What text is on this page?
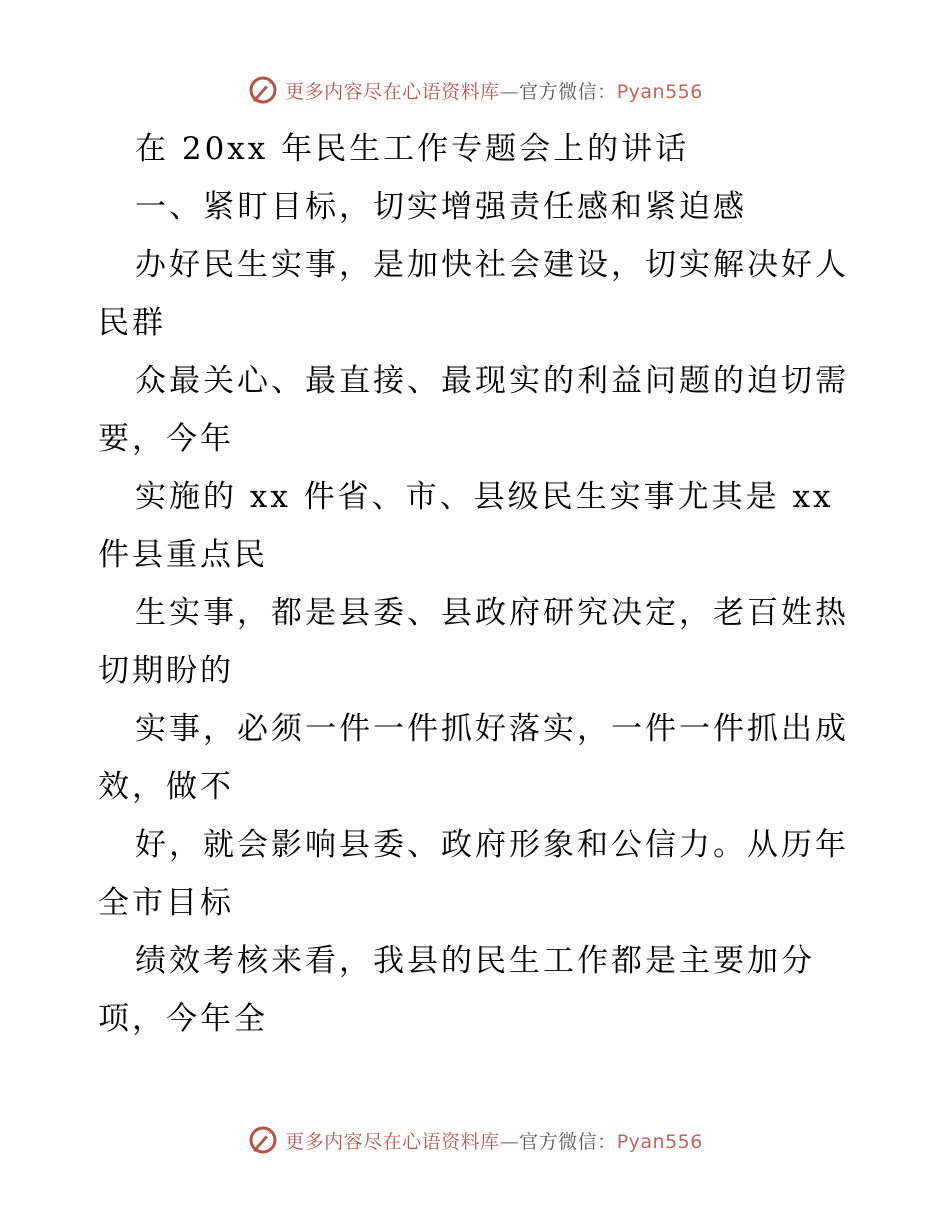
更多内容尽在心语资料库—官方微信：Pyan556
在 20xx 年民生工作专题会上的讲话
一、紧盯目标，切实增强责任感和紧迫感
办好民生实事，是加快社会建设，切实解决好人
民群
众最关心、最直接、最现实的利益问题的迫切需
要，今年
实施的 xx 件省、市、县级民生实事尤其是 xx
件县重点民
生实事，都是县委、县政府研究决定，老百姓热
切期盼的
实事，必须一件一件抓好落实，一件一件抓出成
效，做不
好，就会影响县委、政府形象和公信力。从历年
全市目标
绩效考核来看，我县的民生工作都是主要加分
项，今年全
更多内容尽在心语资料库—官方微信：Pyan556
